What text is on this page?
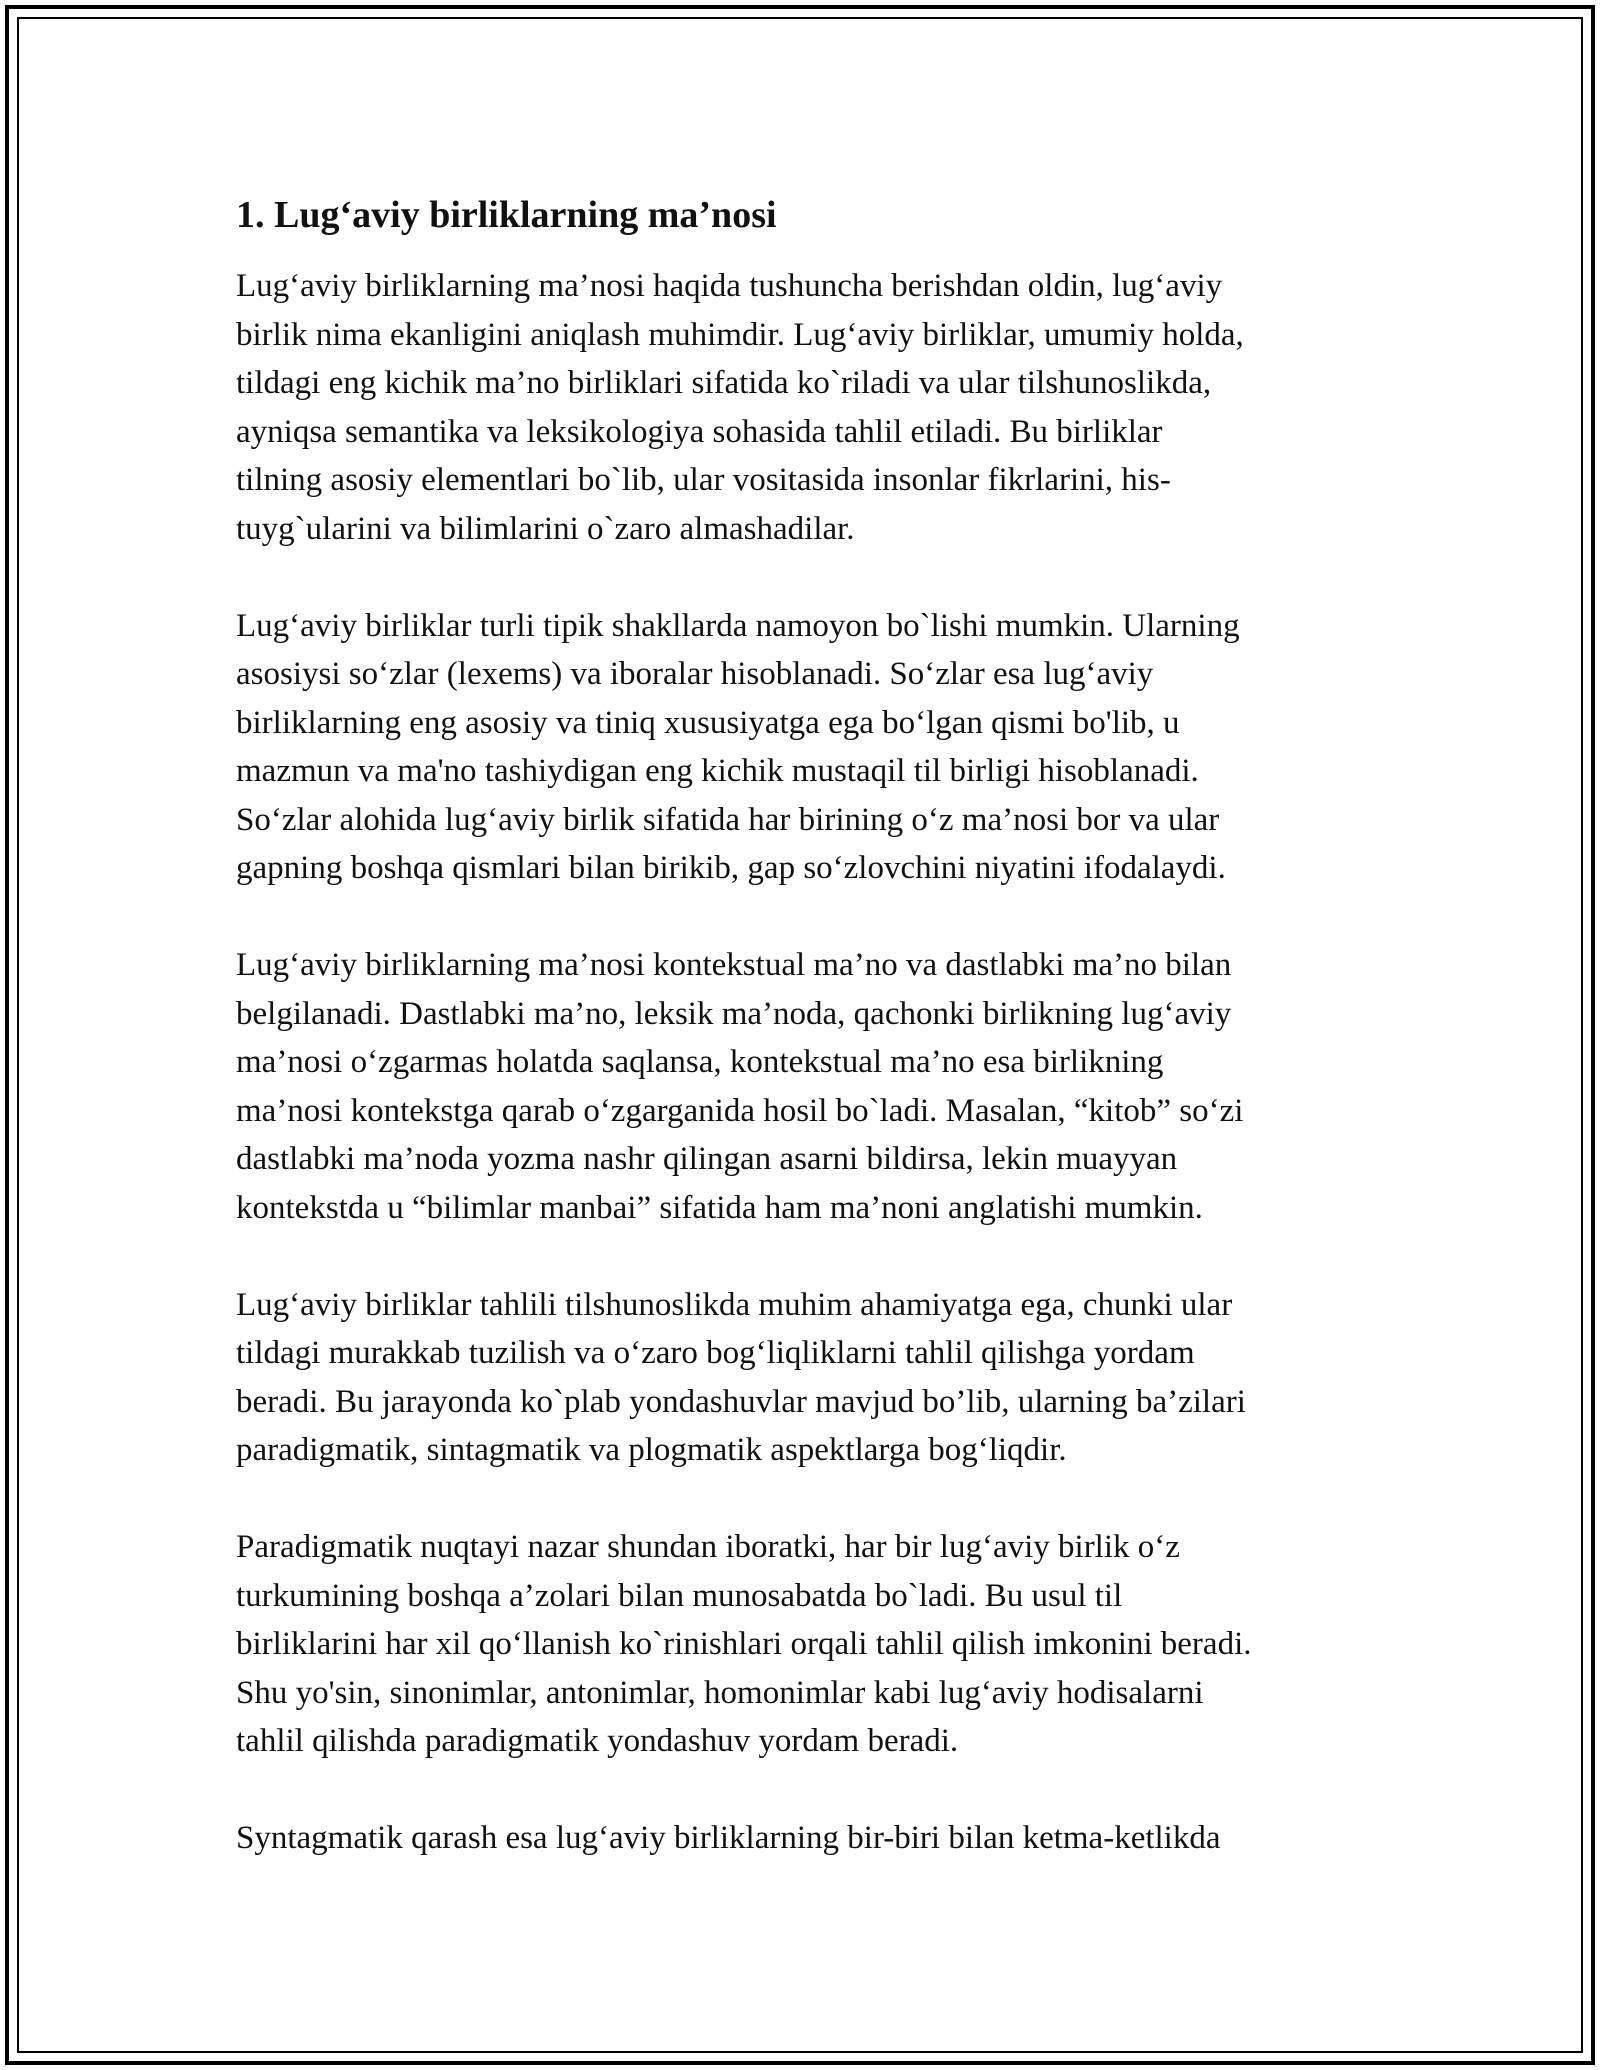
1. Lug‘aviy birliklarning ma’nosi
Lug‘aviy birliklarning ma’nosi haqida tushuncha berishdan oldin, lug‘aviy
birlik nima ekanligini aniqlash muhimdir. Lug‘aviy birliklar, umumiy holda,
tildagi eng kichik ma’no birliklari sifatida ko`riladi va ular tilshunoslikda,
ayniqsa semantika va leksikologiya sohasida tahlil etiladi. Bu birliklar
tilning asosiy elementlari bo`lib, ular vositasida insonlar fikrlarini, his-
tuyg`ularini va bilimlarini o`zaro almashadilar.
Lug‘aviy birliklar turli tipik shakllarda namoyon bo`lishi mumkin. Ularning
asosiysi so‘zlar (lexems) va iboralar hisoblanadi. So‘zlar esa lug‘aviy
birliklarning eng asosiy va tiniq xususiyatga ega bo‘lgan qismi bo'lib, u
mazmun va ma'no tashiydigan eng kichik mustaqil til birligi hisoblanadi.
So‘zlar alohida lug‘aviy birlik sifatida har birining o‘z ma’nosi bor va ular
gapning boshqa qismlari bilan birikib, gap so‘zlovchini niyatini ifodalaydi.
Lug‘aviy birliklarning ma’nosi kontekstual ma’no va dastlabki ma’no bilan
belgilanadi. Dastlabki ma’no, leksik ma’noda, qachonki birlikning lug‘aviy
ma’nosi o‘zgarmas holatda saqlansa, kontekstual ma’no esa birlikning
ma’nosi kontekstga qarab o‘zgarganida hosil bo`ladi. Masalan, “kitob” so‘zi
dastlabki ma’noda yozma nashr qilingan asarni bildirsa, lekin muayyan
kontekstda u “bilimlar manbai” sifatida ham ma’noni anglatishi mumkin.
Lug‘aviy birliklar tahlili tilshunoslikda muhim ahamiyatga ega, chunki ular
tildagi murakkab tuzilish va o‘zaro bog‘liqliklarni tahlil qilishga yordam
beradi. Bu jarayonda ko`plab yondashuvlar mavjud bo’lib, ularning ba’zilari
paradigmatik, sintagmatik va plogmatik aspektlarga bog‘liqdir.
Paradigmatik nuqtayi nazar shundan iboratki, har bir lug‘aviy birlik o‘z
turkumining boshqa a’zolari bilan munosabatda bo`ladi. Bu usul til
birliklarini har xil qo‘llanish ko`rinishlari orqali tahlil qilish imkonini beradi.
Shu yo'sin, sinonimlar, antonimlar, homonimlar kabi lug‘aviy hodisalarni
tahlil qilishda paradigmatik yondashuv yordam beradi.
Syntagmatik qarash esa lug‘aviy birliklarning bir-biri bilan ketma-ketlikda
